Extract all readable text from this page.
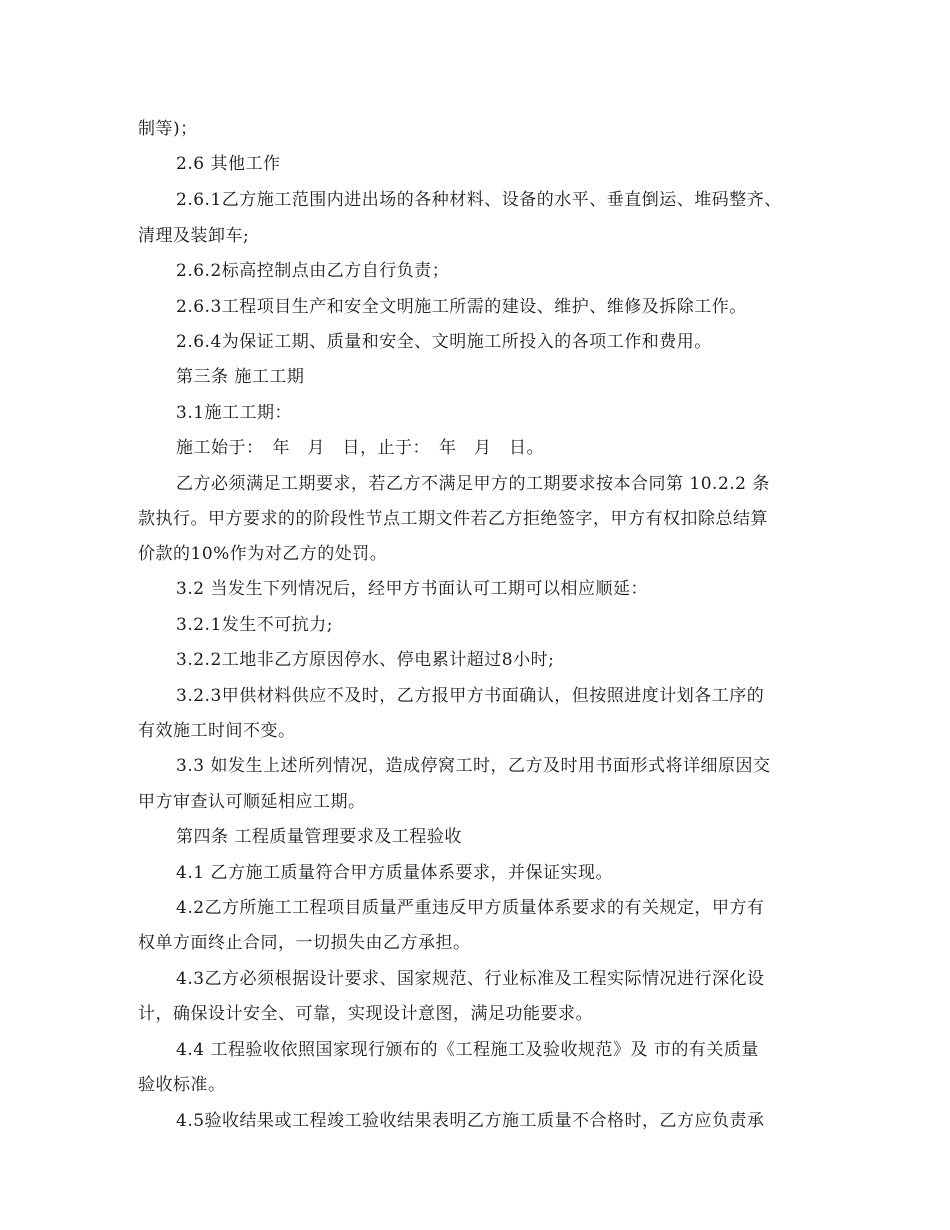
制等)；
2.6 其他工作
2.6.1乙方施工范围内进出场的各种材料、设备的水平、垂直倒运、堆码整齐、
清理及装卸车;
2.6.2标高控制点由乙方自行负责；
2.6.3工程项目生产和安全文明施工所需的建设、维护、维修及拆除工作。
2.6.4为保证工期、质量和安全、文明施工所投入的各项工作和费用。
第三条 施工工期
3.1施工工期：
施工始于：　年　月　日，止于：　年　月　日。
乙方必须满足工期要求，若乙方不满足甲方的工期要求按本合同第 10.2.2 条
款执行。甲方要求的的阶段性节点工期文件若乙方拒绝签字，甲方有权扣除总结算
价款的10%作为对乙方的处罚。
3.2 当发生下列情况后，经甲方书面认可工期可以相应顺延：
3.2.1发生不可抗力;
3.2.2工地非乙方原因停水、停电累计超过8小时;
3.2.3甲供材料供应不及时，乙方报甲方书面确认，但按照进度计划各工序的
有效施工时间不变。
3.3 如发生上述所列情况，造成停窝工时，乙方及时用书面形式将详细原因交
甲方审查认可顺延相应工期。
第四条 工程质量管理要求及工程验收
4.1 乙方施工质量符合甲方质量体系要求，并保证实现。
4.2乙方所施工工程项目质量严重违反甲方质量体系要求的有关规定，甲方有
权单方面终止合同，一切损失由乙方承担。
4.3乙方必须根据设计要求、国家规范、行业标准及工程实际情况进行深化设
计，确保设计安全、可靠，实现设计意图，满足功能要求。
4.4 工程验收依照国家现行颁布的《工程施工及验收规范》及 市的有关质量
验收标准。
4.5验收结果或工程竣工验收结果表明乙方施工质量不合格时，乙方应负责承
